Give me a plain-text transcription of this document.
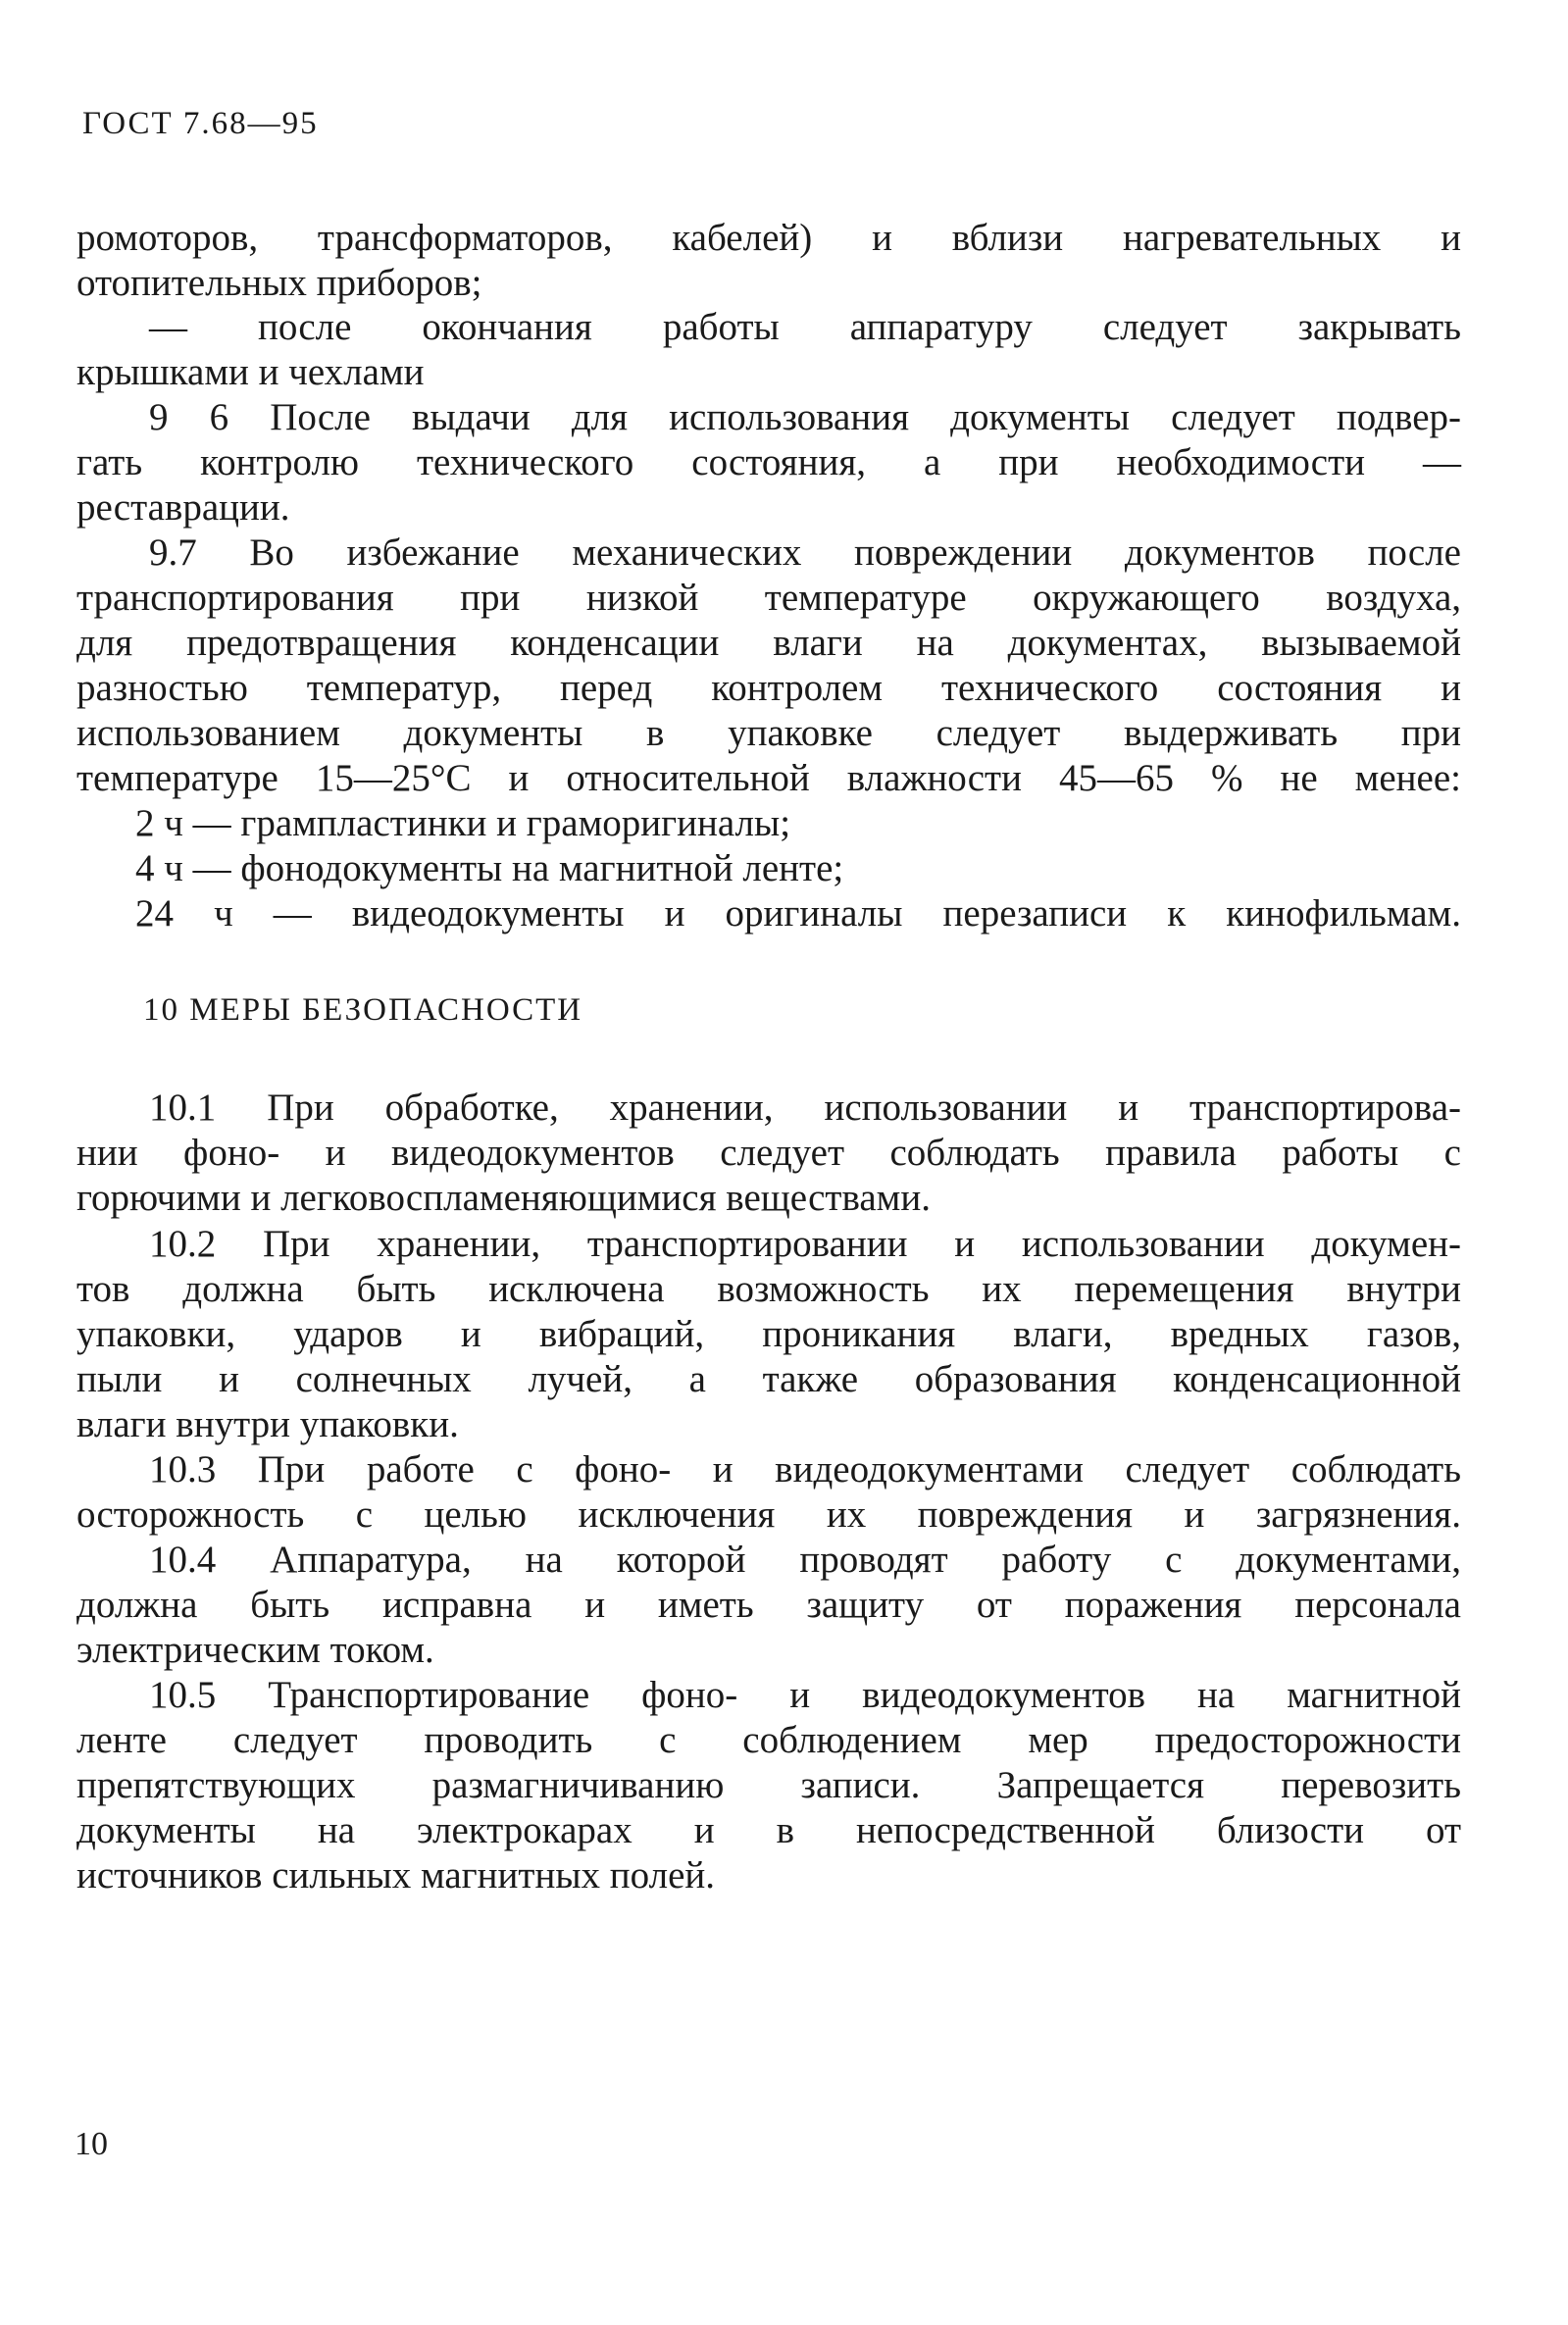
ГОСТ 7.68—95
ромоторов, трансформаторов, кабелей) и вблизи нагревательных и
отопительных приборов;
— после окончания работы аппаратуру следует закрывать
крышками и чехлами
9 6 После выдачи для использования документы следует подвер-
гать контролю технического состояния, а при необходимости —
реставрации.
9.7 Во избежание механических повреждении документов после
транспортирования при низкой температуре окружающего воздуха,
для предотвращения конденсации влаги на документах, вызываемой
разностью температур, перед контролем технического состояния и
использованием документы в упаковке следует выдерживать при
температуре 15—25°С и относительной влажности 45—65 % не менее:
2 ч — грампластинки и граморигиналы;
4 ч — фонодокументы на магнитной ленте;
24 ч — видеодокументы и оригиналы перезаписи к кинофильмам.
10 МЕРЫ БЕЗОПАСНОСТИ
10.1 При обработке, хранении, использовании и транспортирова-
нии фоно- и видеодокументов следует соблюдать правила работы с
горючими и легковоспламеняющимися веществами.
10.2 При хранении, транспортировании и использовании докумен-
тов должна быть исключена возможность их перемещения внутри
упаковки, ударов и вибраций, проникания влаги, вредных газов,
пыли и солнечных лучей, а также образования конденсационной
влаги внутри упаковки.
10.3 При работе с фоно- и видеодокументами следует соблюдать
осторожность с целью исключения их повреждения и загрязнения.
10.4 Аппаратура, на которой проводят работу с документами,
должна быть исправна и иметь защиту от поражения персонала
электрическим током.
10.5 Транспортирование фоно- и видеодокументов на магнитной
ленте следует проводить с соблюдением мер предосторожности
препятствующих размагничиванию записи. Запрещается перевозить
документы на электрокарах и в непосредственной близости от
источников сильных магнитных полей.
10
